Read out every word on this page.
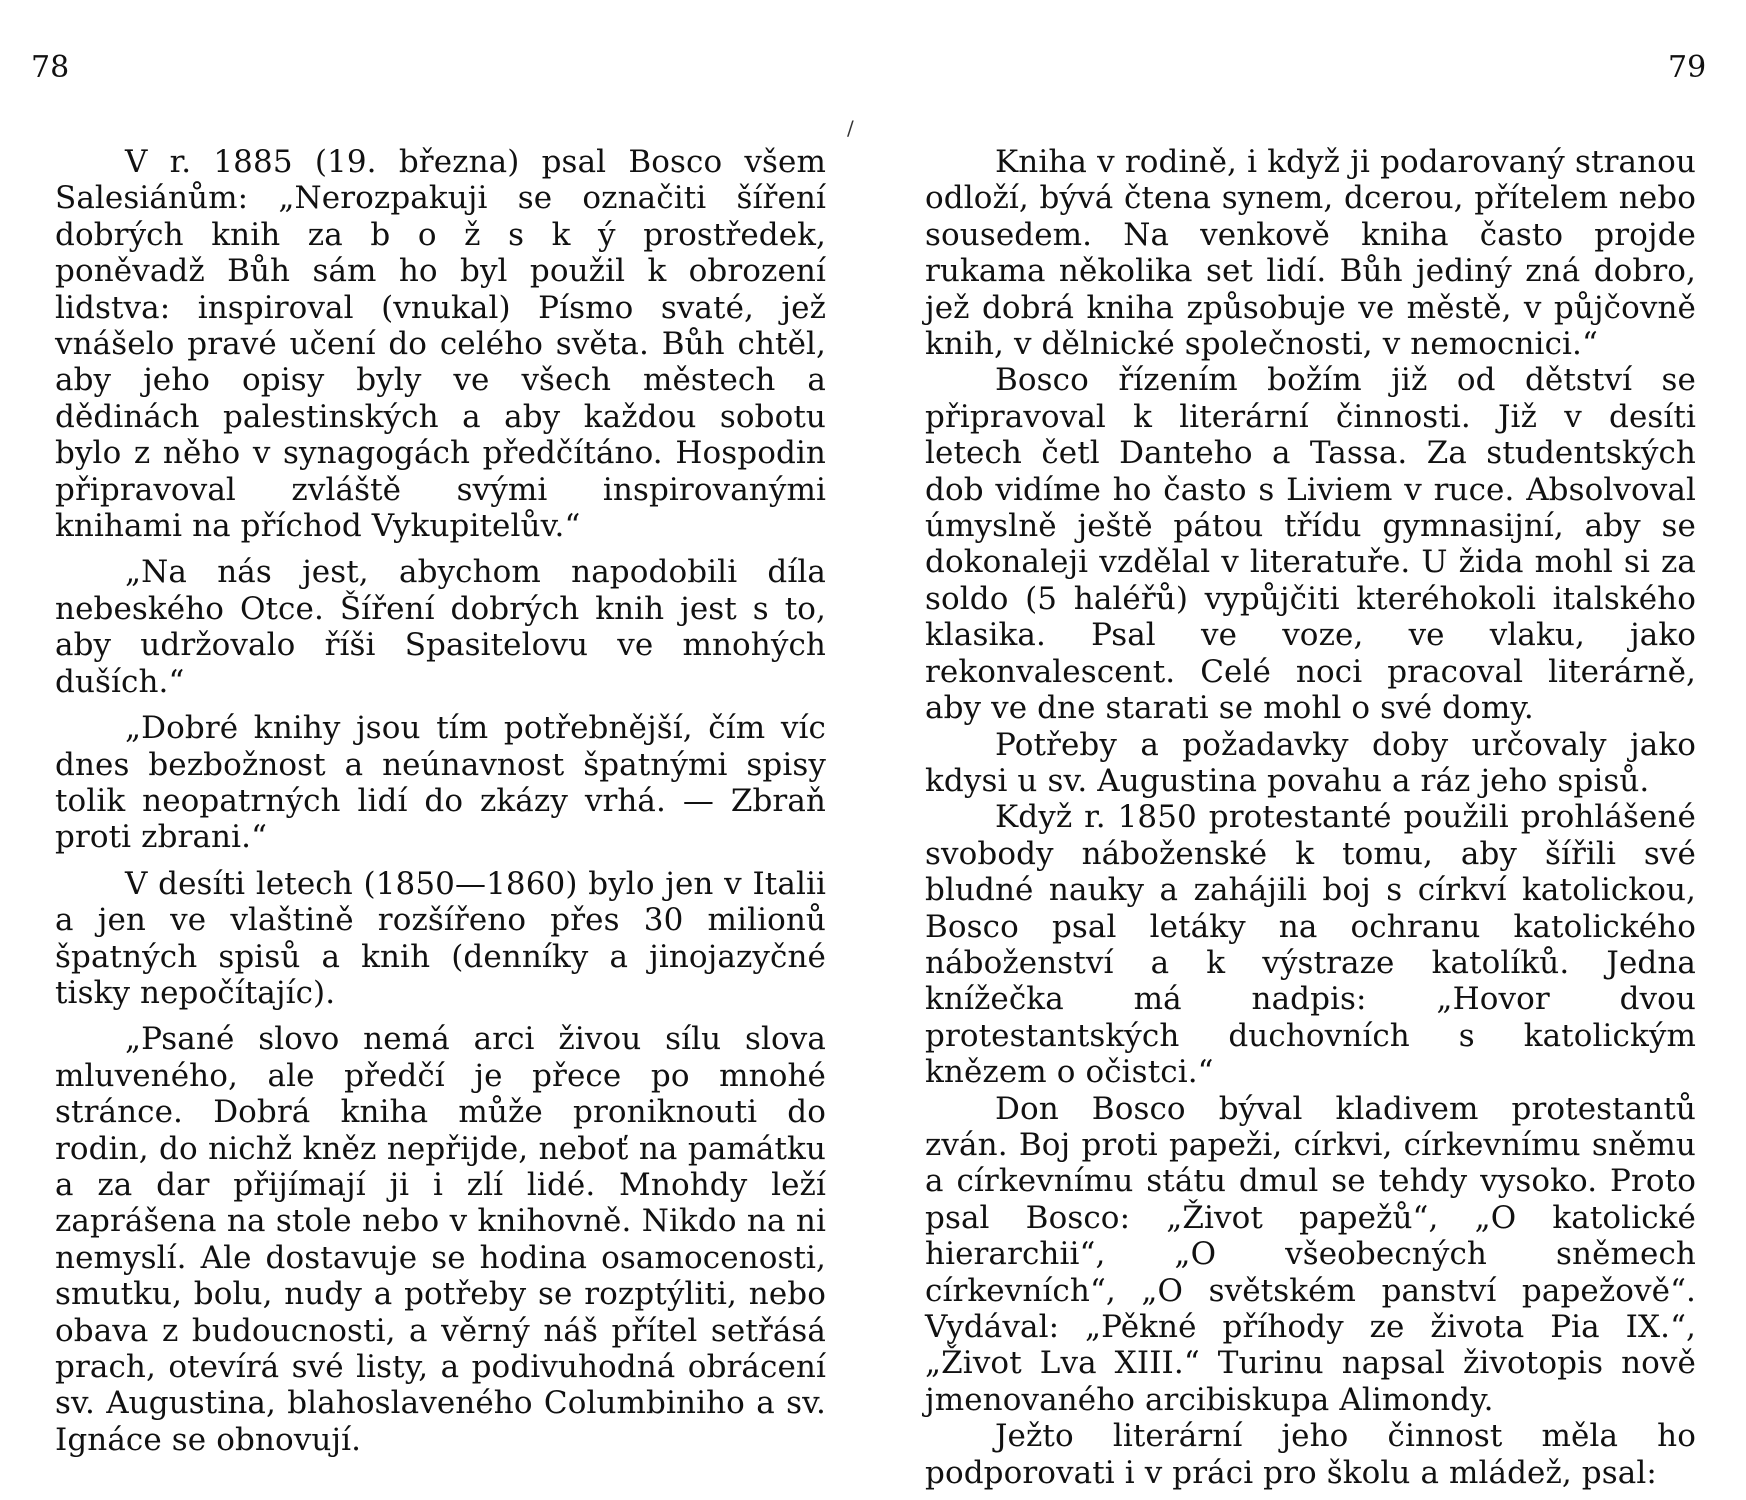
78	79
/

V r. 1885 (19. března) psal Bosco všem Salesiánům: „Nerozpakuji se označiti šíření dobrých knih za b o ž s k ý prostředek, poněvadž Bůh sám ho byl použil k obrození lidstva: inspiroval (vnukal) Písmo svaté, jež vnášelo pravé učení do celého světa. Bůh chtěl, aby jeho opisy byly ve všech městech a dědinách palestinských a aby každou sobotu bylo z něho v synagogách předčítáno. Hospodin připravoval zvláště svými inspirovanými knihami na příchod Vykupitelův.“

„Na nás jest, abychom napodobili díla nebeského Otce. Šíření dobrých knih jest s to, aby udržovalo říši Spasitelovu ve mnohých duších.“

„Dobré knihy jsou tím potřebnější, čím víc dnes bezbožnost a neúnavnost špatnými spisy tolik neopatrných lidí do zkázy vrhá. — Zbraň proti zbrani.“

V desíti letech (1850—1860) bylo jen v Italii a jen ve vlaštině rozšířeno přes 30 milionů špatných spisů a knih (denníky a jinojazyčné tisky nepočítajíc).

„Psané slovo nemá arci živou sílu slova mluveného, ale předčí je přece po mnohé stránce. Dobrá kniha může proniknouti do rodin, do nichž kněz nepřijde, neboť na památku a za dar přijímají ji i zlí lidé. Mnohdy leží zaprášena na stole nebo v knihovně. Nikdo na ni nemyslí. Ale dostavuje se hodina osamocenosti, smutku, bolu, nudy a potřeby se rozptýliti, nebo obava z budoucnosti, a věrný náš přítel setřásá prach, otevírá své listy, a podivuhodná obrácení sv. Augustina, blahoslaveného Columbiniho a sv. Ignáce se obnovují.

Kniha v rodině, i když ji podarovaný stranou odloží, bývá čtena synem, dcerou, přítelem nebo sousedem. Na venkově kniha často projde rukama několika set lidí. Bůh jediný zná dobro, jež dobrá kniha způsobuje ve městě, v půjčovně knih, v dělnické společnosti, v nemocnici.“

Bosco řízením božím již od dětství se připravoval k literární činnosti. Již v desíti letech četl Danteho a Tassa. Za studentských dob vidíme ho často s Liviem v ruce. Absolvoval úmyslně ještě pátou třídu gymnasijní, aby se dokonaleji vzdělal v literatuře. U žida mohl si za soldo (5 haléřů) vypůjčiti kteréhokoli italského klasika. Psal ve voze, ve vlaku, jako rekonvalescent. Celé noci pracoval literárně, aby ve dne starati se mohl o své domy.

Potřeby a požadavky doby určovaly jako kdysi u sv. Augustina povahu a ráz jeho spisů.

Když r. 1850 protestanté použili prohlášené svobody náboženské k tomu, aby šířili své bludné nauky a zahájili boj s církví katolickou, Bosco psal letáky na ochranu katolického náboženství a k výstraze katolíků. Jedna knížečka má nadpis: „Hovor dvou protestantských duchovních s katolickým knězem o očistci.“

Don Bosco býval kladivem protestantů zván. Boj proti papeži, církvi, církevnímu sněmu a církevnímu státu dmul se tehdy vysoko. Proto psal Bosco: „Život papežů“, „O katolické hierarchii“, „O všeobecných sněmech církevních“, „O světském panství papežově“. Vydával: „Pěkné příhody ze života Pia IX.“, „Život Lva XIII.“ Turinu napsal životopis nově jmenovaného arcibiskupa Alimondy.

Ježto literární jeho činnost měla ho podporovati i v práci pro školu a mládež, psal:
